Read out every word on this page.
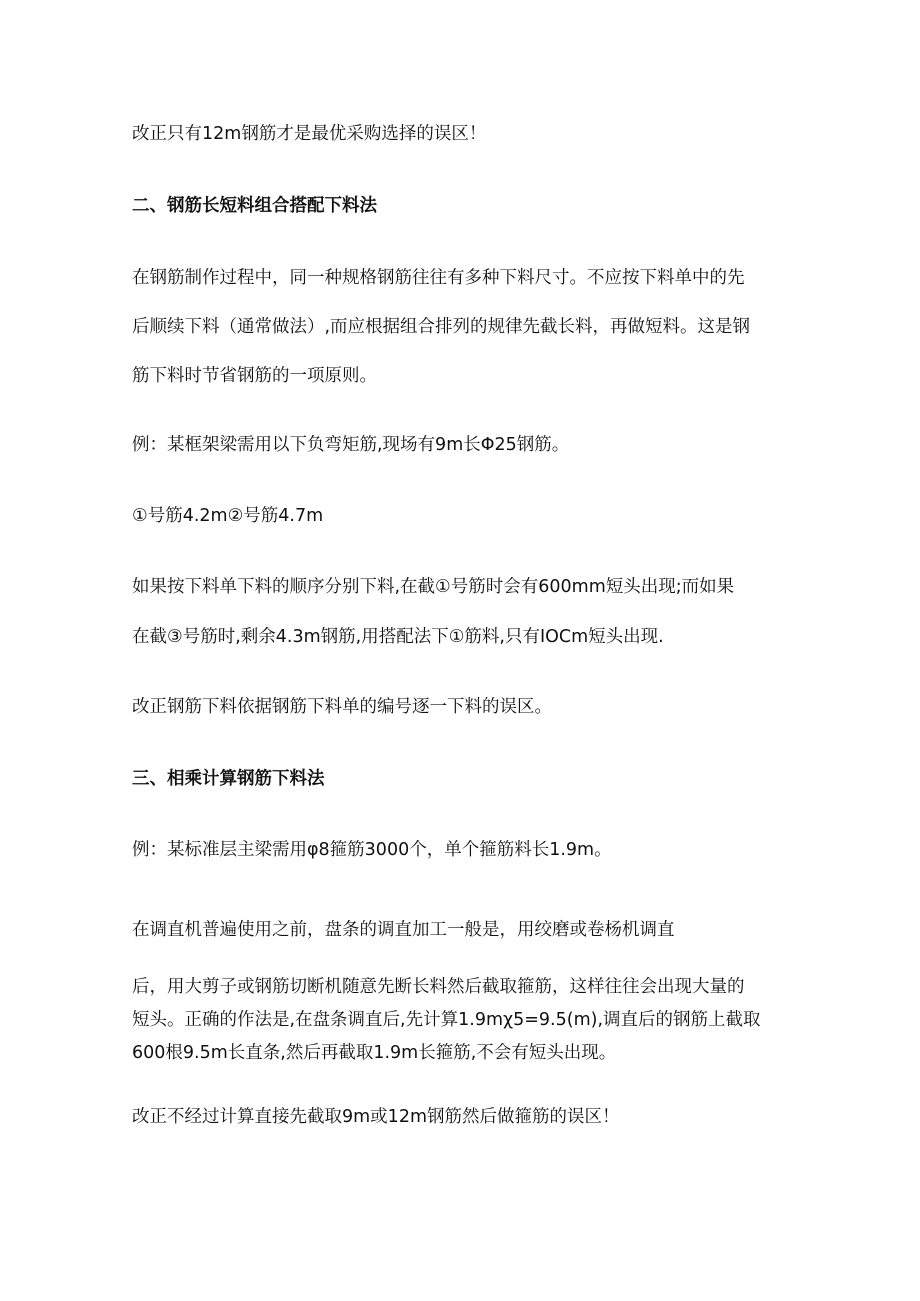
改正只有12m钢筋才是最优采购选择的误区！
二、钢筋长短料组合搭配下料法
在钢筋制作过程中，同一种规格钢筋往往有多种下料尺寸。不应按下料单中的先
后顺续下料（通常做法）,而应根据组合排列的规律先截长料，再做短料。这是钢
筋下料时节省钢筋的一项原则。
例：某框架梁需用以下负弯矩筋,现场有9m长Φ25钢筋。
①号筋4.2m②号筋4.7m
如果按下料单下料的顺序分别下料,在截①号筋时会有600mm短头出现;而如果
在截③号筋时,剩余4.3m钢筋,用搭配法下①筋料,只有IOCm短头出现.
改正钢筋下料依据钢筋下料单的编号逐一下料的误区。
三、相乘计算钢筋下料法
例：某标准层主梁需用φ8箍筋3000个，单个箍筋料长1.9m。
在调直机普遍使用之前，盘条的调直加工一般是，用绞磨或卷杨机调直
后，用大剪子或钢筋切断机随意先断长料然后截取箍筋，这样往往会出现大量的
短头。正确的作法是,在盘条调直后,先计算1.9mχ5=9.5(m),调直后的钢筋上截取
600根9.5m长直条,然后再截取1.9m长箍筋,不会有短头出现。
改正不经过计算直接先截取9m或12m钢筋然后做箍筋的误区！
